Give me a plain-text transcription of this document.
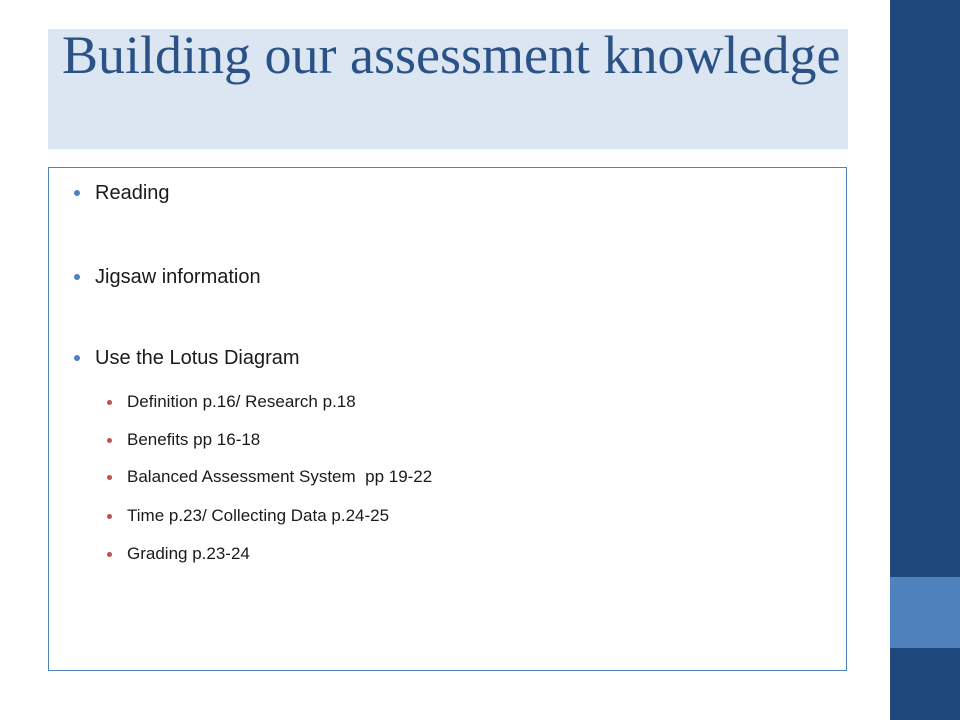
Building our assessment knowledge
Reading
Jigsaw information
Use the Lotus Diagram
Definition p.16/ Research p.18
Benefits pp 16-18
Balanced Assessment System  pp 19-22
Time p.23/ Collecting Data p.24-25
Grading p.23-24
